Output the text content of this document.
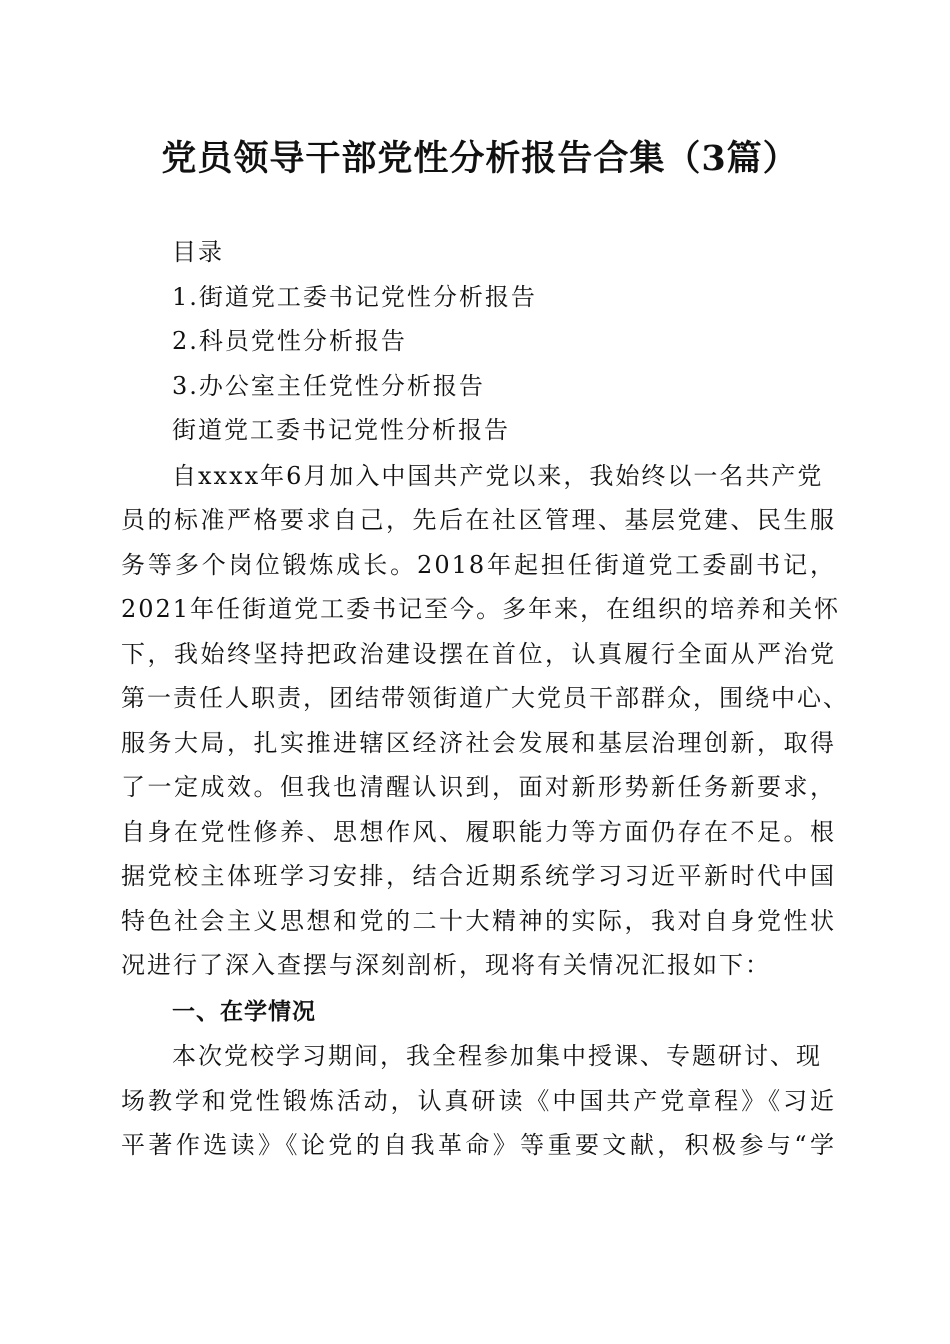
党员领导干部党性分析报告合集（3篇）

目录

1.街道党工委书记党性分析报告

2.科员党性分析报告

3.办公室主任党性分析报告

街道党工委书记党性分析报告

自xxxx年6月加入中国共产党以来，我始终以一名共产党

员的标准严格要求自己，先后在社区管理、基层党建、民生服

务等多个岗位锻炼成长。2018年起担任街道党工委副书记，

2021年任街道党工委书记至今。多年来，在组织的培养和关怀

下，我始终坚持把政治建设摆在首位，认真履行全面从严治党

第一责任人职责，团结带领街道广大党员干部群众，围绕中心、

服务大局，扎实推进辖区经济社会发展和基层治理创新，取得

了一定成效。但我也清醒认识到，面对新形势新任务新要求，

自身在党性修养、思想作风、履职能力等方面仍存在不足。根

据党校主体班学习安排，结合近期系统学习习近平新时代中国

特色社会主义思想和党的二十大精神的实际，我对自身党性状

况进行了深入查摆与深刻剖析，现将有关情况汇报如下：

一、在学情况

本次党校学习期间，我全程参加集中授课、专题研讨、现

场教学和党性锻炼活动，认真研读《中国共产党章程》《习近

平著作选读》《论党的自我革命》等重要文献，积极参与“学
